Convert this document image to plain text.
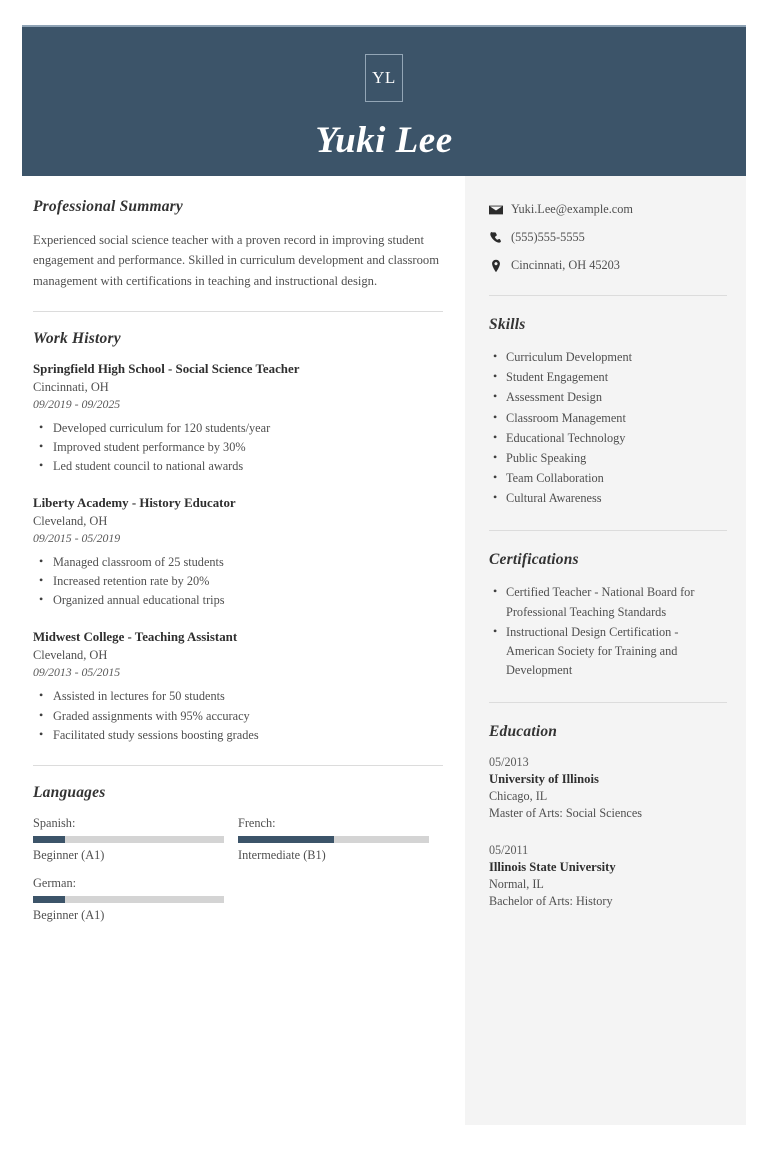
YL
Yuki Lee
Professional Summary
Experienced social science teacher with a proven record in improving student engagement and performance. Skilled in curriculum development and classroom management with certifications in teaching and instructional design.
Work History
Springfield High School - Social Science Teacher
Cincinnati, OH
09/2019 - 09/2025
• Developed curriculum for 120 students/year
• Improved student performance by 30%
• Led student council to national awards
Liberty Academy - History Educator
Cleveland, OH
09/2015 - 05/2019
• Managed classroom of 25 students
• Increased retention rate by 20%
• Organized annual educational trips
Midwest College - Teaching Assistant
Cleveland, OH
09/2013 - 05/2015
• Assisted in lectures for 50 students
• Graded assignments with 95% accuracy
• Facilitated study sessions boosting grades
Languages
Spanish:
Beginner (A1)
French:
Intermediate (B1)
German:
Beginner (A1)
Yuki.Lee@example.com
(555)555-5555
Cincinnati, OH 45203
Skills
• Curriculum Development
• Student Engagement
• Assessment Design
• Classroom Management
• Educational Technology
• Public Speaking
• Team Collaboration
• Cultural Awareness
Certifications
• Certified Teacher - National Board for Professional Teaching Standards
• Instructional Design Certification - American Society for Training and Development
Education
05/2013
University of Illinois
Chicago, IL
Master of Arts: Social Sciences
05/2011
Illinois State University
Normal, IL
Bachelor of Arts: History
